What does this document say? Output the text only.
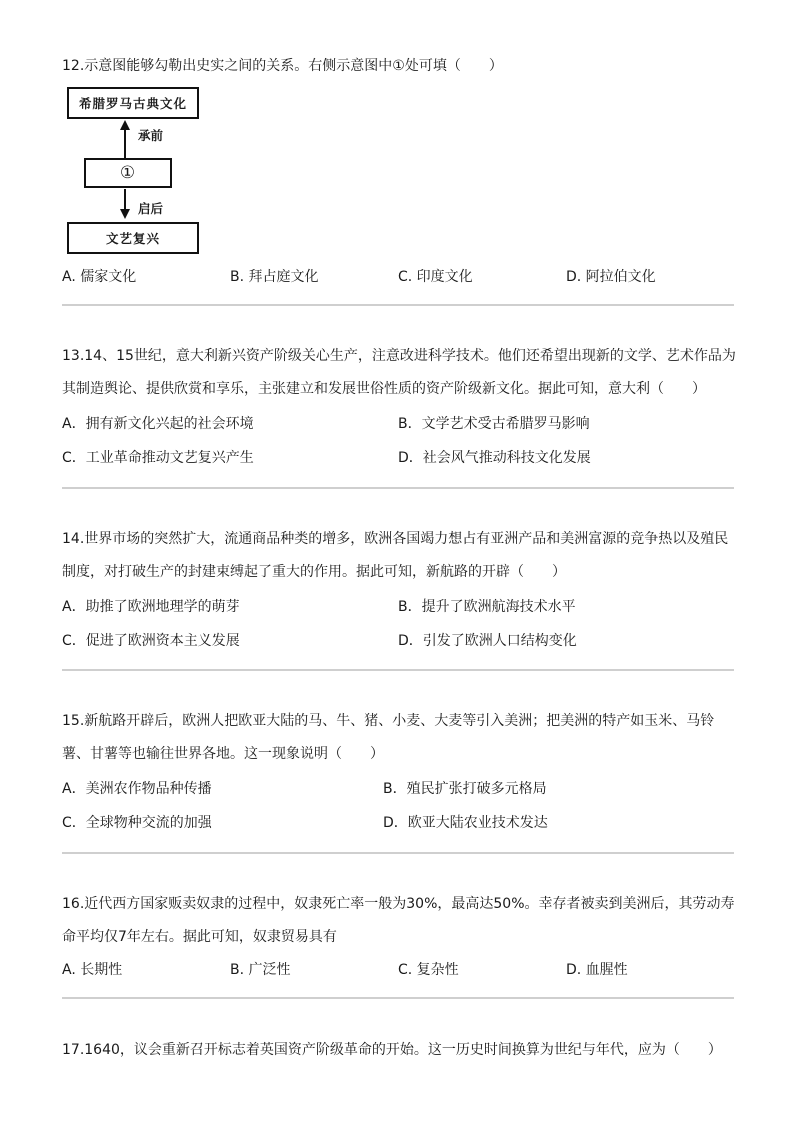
12.示意图能够勾勒出史实之间的关系。右侧示意图中①处可填（　　）
希腊罗马古典文化
承前
①
启后
文艺复兴
A. 儒家文化	B. 拜占庭文化	C. 印度文化	D. 阿拉伯文化
13.14、15世纪，意大利新兴资产阶级关心生产，注意改进科学技术。他们还希望出现新的文学、艺术作品为其制造舆论、提供欣赏和享乐，主张建立和发展世俗性质的资产阶级新文化。据此可知，意大利（　　）
A．拥有新文化兴起的社会环境	B．文学艺术受古希腊罗马影响
C．工业革命推动文艺复兴产生	D．社会风气推动科技文化发展
14.世界市场的突然扩大，流通商品种类的增多，欧洲各国竭力想占有亚洲产品和美洲富源的竞争热以及殖民制度，对打破生产的封建束缚起了重大的作用。据此可知，新航路的开辟（　　）
A．助推了欧洲地理学的萌芽	B．提升了欧洲航海技术水平
C．促进了欧洲资本主义发展	D．引发了欧洲人口结构变化
15.新航路开辟后，欧洲人把欧亚大陆的马、牛、猪、小麦、大麦等引入美洲；把美洲的特产如玉米、马铃薯、甘薯等也输往世界各地。这一现象说明（　　）
A．美洲农作物品种传播	B．殖民扩张打破多元格局
C．全球物种交流的加强	D．欧亚大陆农业技术发达
16.近代西方国家贩卖奴隶的过程中，奴隶死亡率一般为30%，最高达50%。幸存者被卖到美洲后，其劳动寿命平均仅7年左右。据此可知，奴隶贸易具有
A. 长期性	B. 广泛性	C. 复杂性	D. 血腥性
17.1640，议会重新召开标志着英国资产阶级革命的开始。这一历史时间换算为世纪与年代，应为（　　）
